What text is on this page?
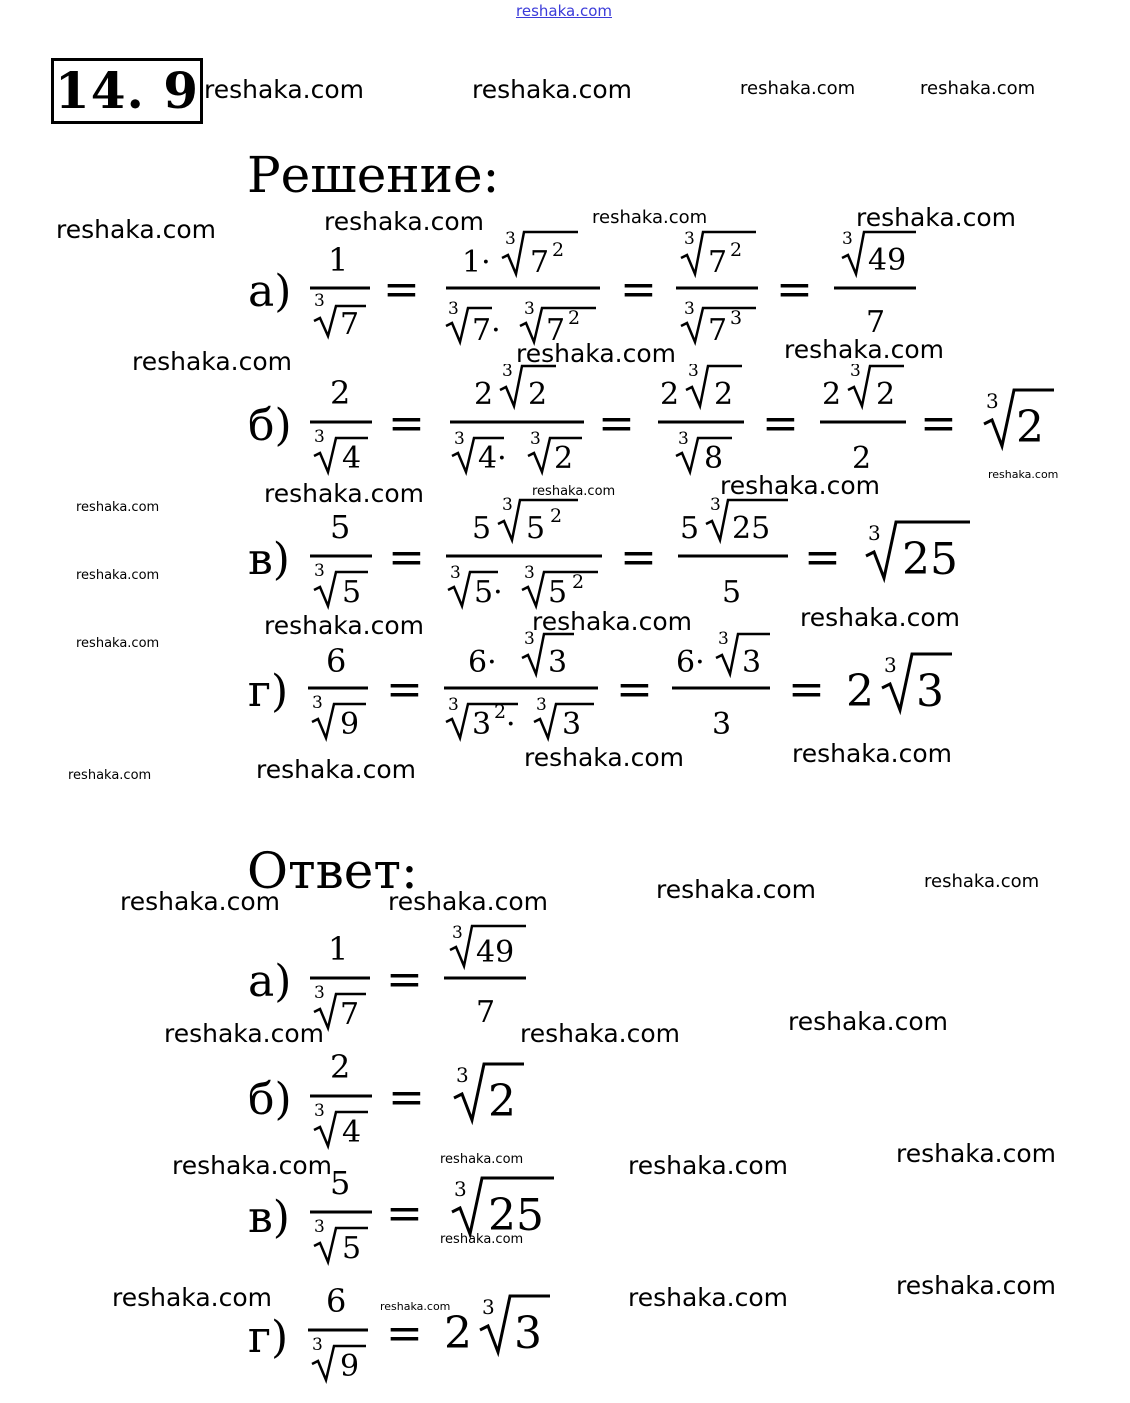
reshaka.com
14. 9
Решение:
а)
1
3
7
=
1·
3
7 2
3
7·
3
7 2
=
3
7 2
3
7 3
=
3
49
7
б)
2
3
4
=
2
3
2
3
4·
3
2
=
2
3
2
3
8
=
2
3
2
2
= 3
2
в)
5
3
5
=
5
3
5 2
3
5·
3
5 2 =
5
3
25
5
= 3
25
г)
6
3
9
=
6·
3
3
3
3 2 ·
3
3
=
6·
3
3
3
= 2
3
3
Ответ:
а)
1
3
7
=
3
49
7
б)
2
3
4
= 3
2
в)
5
3
5
= 3
25
г)
6
3
9
= 2
3
3
reshaka.com	reshaka.com	reshaka.com	reshaka.com
reshaka.com	reshaka.com	reshaka.com	reshaka.com
reshaka.com	reshaka.com	reshaka.com
reshaka.com
reshaka.com	reshaka.com	reshaka.com	reshaka.com
reshaka.com
reshaka.com	reshaka.com	reshaka.com
reshaka.com
reshaka.com	reshaka.com	reshaka.com	reshaka.com
reshaka.com	reshaka.com	reshaka.com	reshaka.com
reshaka.com	reshaka.com	reshaka.com
reshaka.com	reshaka.com	reshaka.com	reshaka.com
reshaka.com
reshaka.com	reshaka.com	reshaka.com	reshaka.com
